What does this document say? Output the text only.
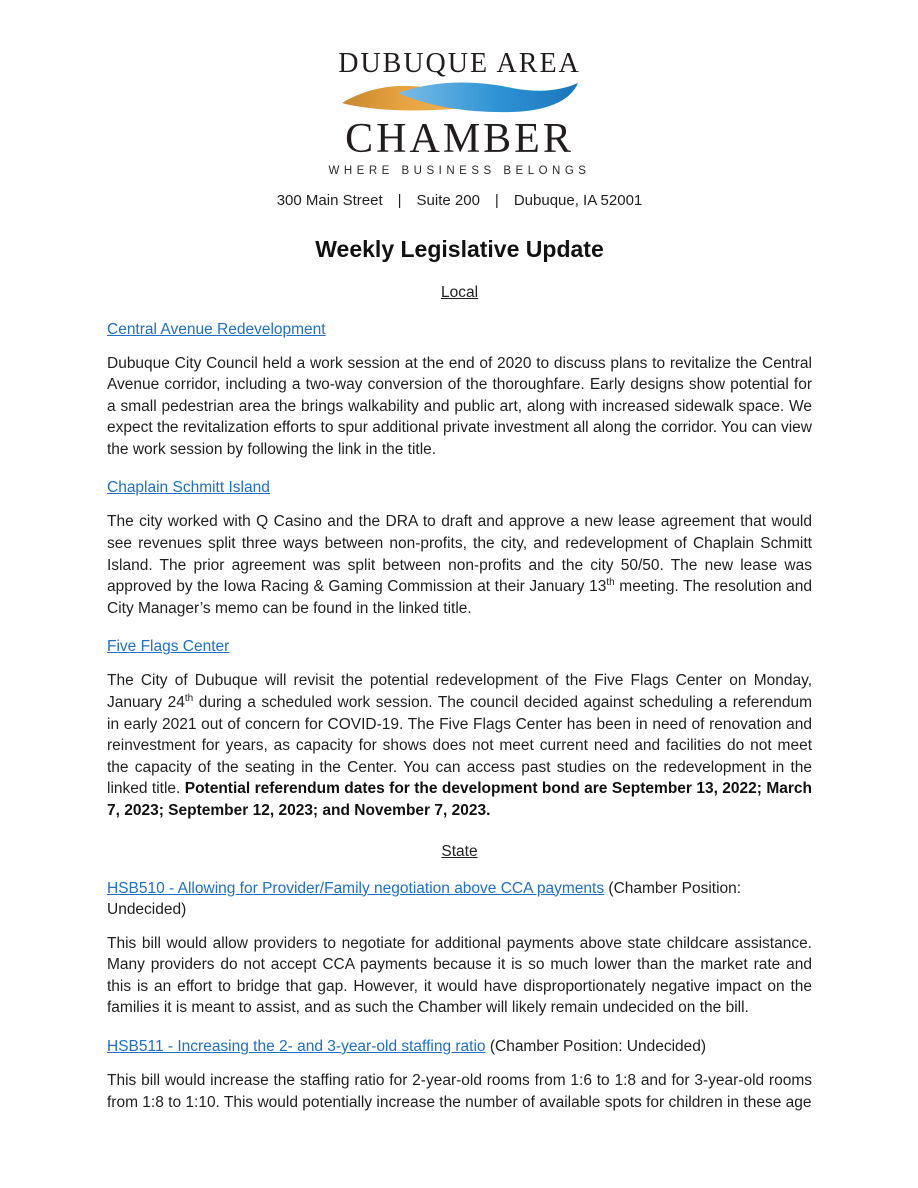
DUBUQUE AREA
CHAMBER
WHERE BUSINESS BELONGS
300 Main Street | Suite 200 | Dubuque, IA 52001
Weekly Legislative Update
Local

Central Avenue Redevelopment

Dubuque City Council held a work session at the end of 2020 to discuss plans to revitalize the Central Avenue corridor, including a two-way conversion of the thoroughfare. Early designs show potential for a small pedestrian area the brings walkability and public art, along with increased sidewalk space. We expect the revitalization efforts to spur additional private investment all along the corridor. You can view the work session by following the link in the title.

Chaplain Schmitt Island

The city worked with Q Casino and the DRA to draft and approve a new lease agreement that would see revenues split three ways between non-profits, the city, and redevelopment of Chaplain Schmitt Island. The prior agreement was split between non-profits and the city 50/50. The new lease was approved by the Iowa Racing & Gaming Commission at their January 13th meeting. The resolution and City Manager’s memo can be found in the linked title.

Five Flags Center

The City of Dubuque will revisit the potential redevelopment of the Five Flags Center on Monday, January 24th during a scheduled work session. The council decided against scheduling a referendum in early 2021 out of concern for COVID-19. The Five Flags Center has been in need of renovation and reinvestment for years, as capacity for shows does not meet current need and facilities do not meet the capacity of the seating in the Center. You can access past studies on the redevelopment in the linked title. Potential referendum dates for the development bond are September 13, 2022; March 7, 2023; September 12, 2023; and November 7, 2023.

State

HSB510 - Allowing for Provider/Family negotiation above CCA payments (Chamber Position: Undecided)

This bill would allow providers to negotiate for additional payments above state childcare assistance. Many providers do not accept CCA payments because it is so much lower than the market rate and this is an effort to bridge that gap. However, it would have disproportionately negative impact on the families it is meant to assist, and as such the Chamber will likely remain undecided on the bill.

HSB511 - Increasing the 2- and 3-year-old staffing ratio (Chamber Position: Undecided)

This bill would increase the staffing ratio for 2-year-old rooms from 1:6 to 1:8 and for 3-year-old rooms from 1:8 to 1:10. This would potentially increase the number of available spots for children in these age
